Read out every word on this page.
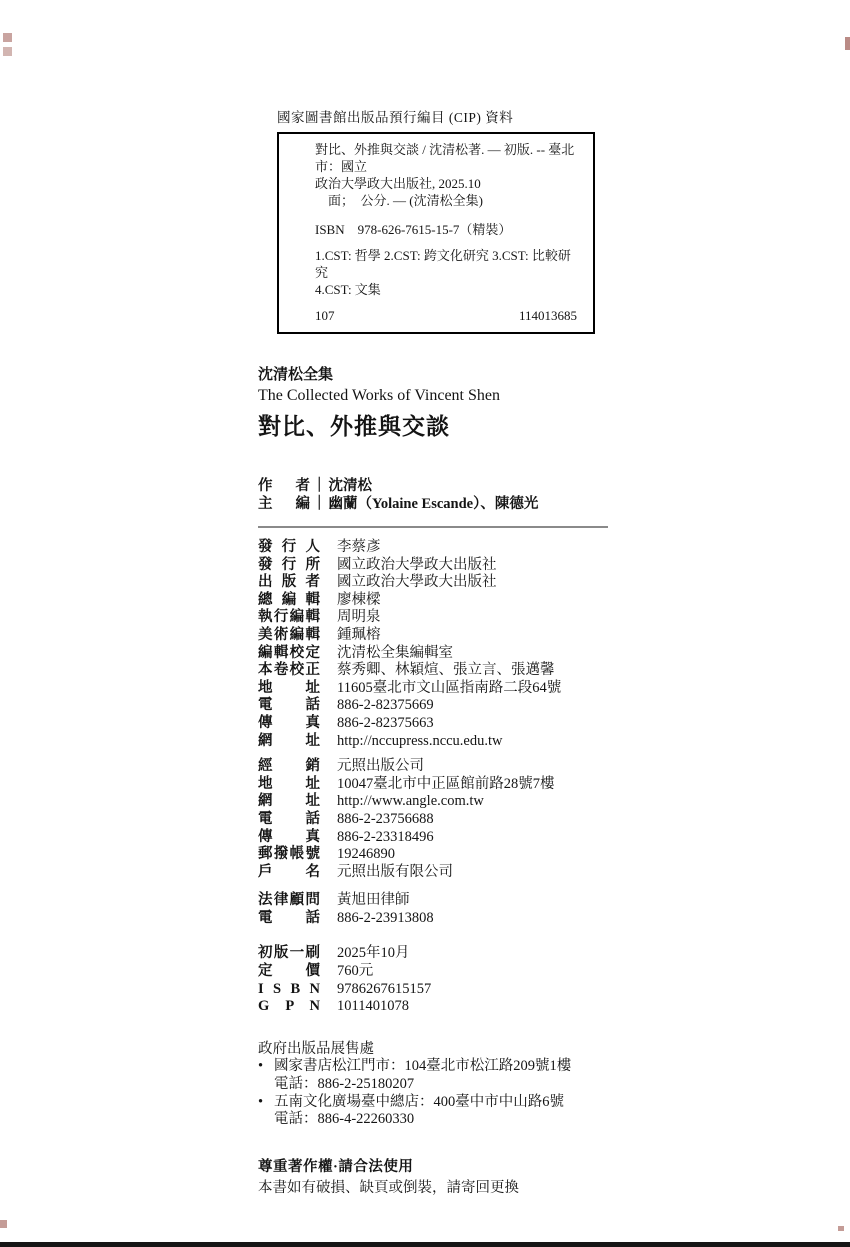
國家圖書館出版品預行編目 (CIP) 資料
對比、外推與交談 / 沈清松著. — 初版. -- 臺北市：國立
政治大學政大出版社, 2025.10
　面；　公分. — (沈清松全集)
ISBN　978-626-7615-15-7（精裝）
1.CST: 哲學 2.CST: 跨文化研究 3.CST: 比較研究
4.CST: 文集
107	114013685
沈清松全集
The Collected Works of Vincent Shen
對比、外推與交談
作 者 ｜ 沈清松
主 編 ｜ 幽蘭（Yolaine Escande）、陳德光
發 行 人 李蔡彥
發 行 所 國立政治大學政大出版社
出 版 者 國立政治大學政大出版社
總 編 輯 廖棟樑
執行編輯 周明泉
美術編輯 鍾珮榕
編輯校定 沈清松全集編輯室
本卷校正 蔡秀卿、林穎煊、張立言、張邁馨
地 址 11605臺北市文山區指南路二段64號
電 話 886-2-82375669
傳 真 886-2-82375663
網 址 http://nccupress.nccu.edu.tw
經 銷 元照出版公司
地 址 10047臺北市中正區館前路28號7樓
網 址 http://www.angle.com.tw
電 話 886-2-23756688
傳 真 886-2-23318496
郵撥帳號 19246890
戶 名 元照出版有限公司
法律顧問 黃旭田律師
電 話 886-2-23913808
初版一刷 2025年10月
定 價 760元
I S B N 9786267615157
G P N 1011401078
政府出版品展售處
• 國家書店松江門市：104臺北市松江路209號1樓
電話：886-2-25180207
• 五南文化廣場臺中總店：400臺中市中山路6號
電話：886-4-22260330
尊重著作權·請合法使用
本書如有破損、缺頁或倒裝，請寄回更換
